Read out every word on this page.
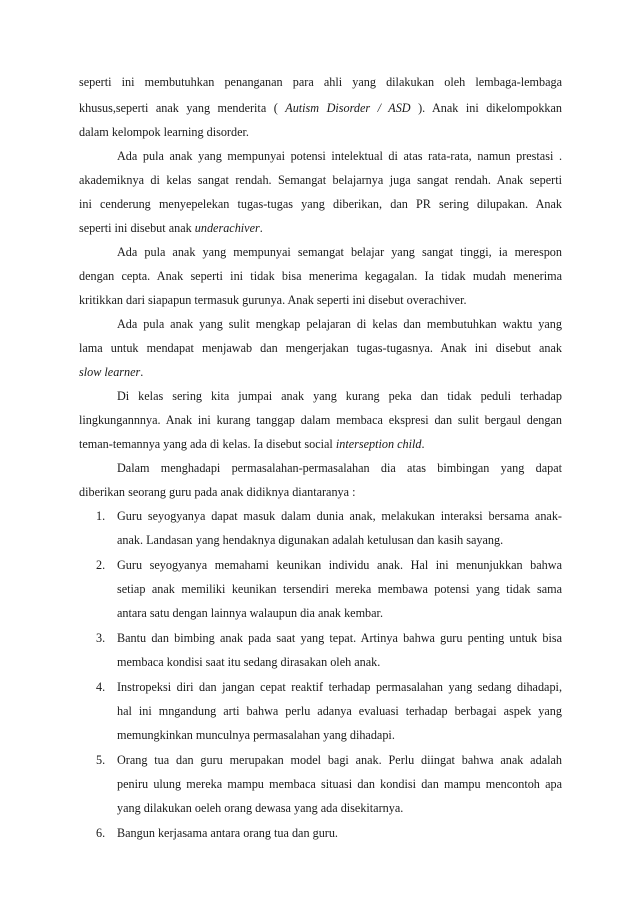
seperti ini membutuhkan penanganan para ahli yang dilakukan oleh lembaga-lembaga
khusus,seperti anak yang menderita ( Autism Disorder / ASD ). Anak ini dikelompokkan
dalam kelompok learning disorder.
Ada pula anak yang mempunyai potensi intelektual di atas rata-rata, namun prestasi .
akademiknya di kelas sangat rendah. Semangat belajarnya juga sangat rendah. Anak seperti
ini cenderung menyepelekan tugas-tugas yang diberikan, dan PR sering dilupakan. Anak
seperti ini disebut anak underachiver.
Ada pula anak yang mempunyai semangat belajar yang sangat tinggi, ia merespon
dengan cepta. Anak seperti ini tidak bisa menerima kegagalan. Ia tidak mudah menerima
kritikkan dari siapapun termasuk gurunya. Anak seperti ini disebut overachiver.
Ada pula anak yang sulit mengkap pelajaran di kelas dan membutuhkan waktu yang
lama untuk mendapat menjawab dan mengerjakan tugas-tugasnya. Anak ini disebut anak
slow learner.
Di kelas sering kita jumpai anak yang kurang peka dan tidak peduli terhadap
lingkungannnya. Anak ini kurang tanggap dalam membaca ekspresi dan sulit bergaul dengan
teman-temannya yang ada di kelas. Ia disebut social interseption child.
Dalam menghadapi permasalahan-permasalahan dia atas bimbingan yang dapat
diberikan seorang guru pada anak didiknya diantaranya :
1. Guru seyogyanya dapat masuk dalam dunia anak, melakukan interaksi bersama anak-
anak. Landasan yang hendaknya digunakan adalah ketulusan dan kasih sayang.
2. Guru seyogyanya memahami keunikan individu anak. Hal ini menunjukkan bahwa
setiap anak memiliki keunikan tersendiri mereka membawa potensi yang tidak sama
antara satu dengan lainnya walaupun dia anak kembar.
3. Bantu dan bimbing anak pada saat yang tepat. Artinya bahwa guru penting untuk bisa
membaca kondisi saat itu sedang dirasakan oleh anak.
4. Instropeksi diri dan jangan cepat reaktif terhadap permasalahan yang sedang dihadapi,
hal ini mngandung arti bahwa perlu adanya evaluasi terhadap berbagai aspek yang
memungkinkan munculnya permasalahan yang dihadapi.
5. Orang tua dan guru merupakan model bagi anak. Perlu diingat bahwa anak adalah
peniru ulung mereka mampu membaca situasi dan kondisi dan mampu mencontoh apa
yang dilakukan oeleh orang dewasa yang ada disekitarnya.
6. Bangun kerjasama antara orang tua dan guru.
